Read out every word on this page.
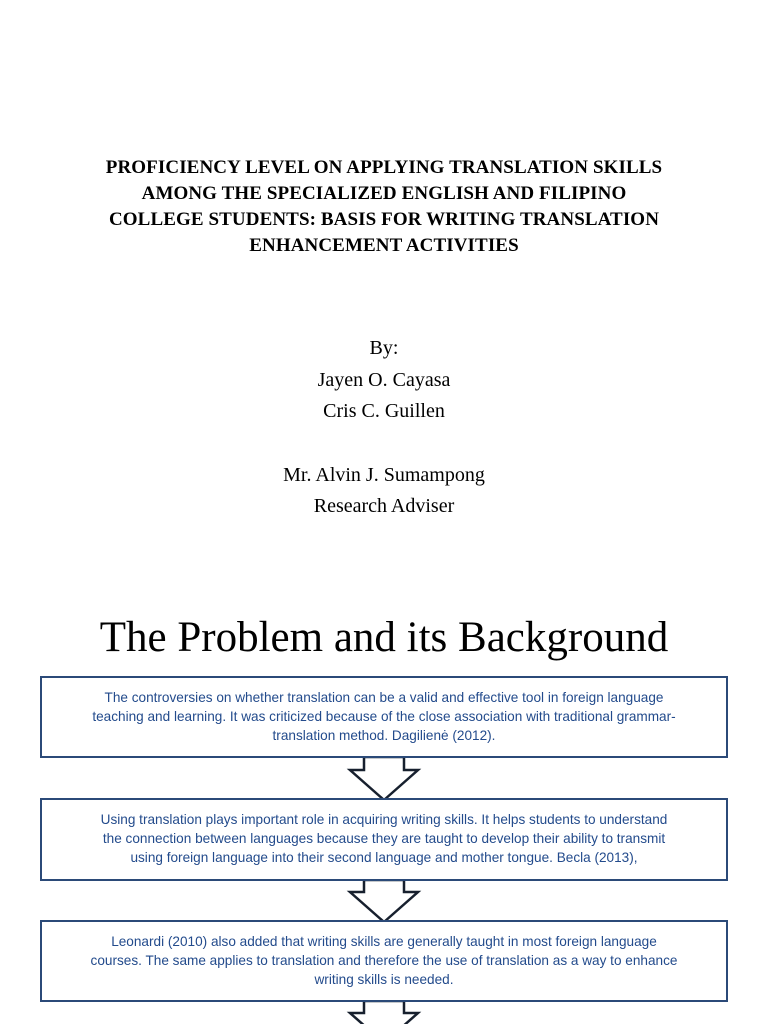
PROFICIENCY LEVEL ON APPLYING TRANSLATION SKILLS
AMONG THE SPECIALIZED ENGLISH AND FILIPINO
COLLEGE STUDENTS: BASIS FOR WRITING TRANSLATION
ENHANCEMENT ACTIVITIES
By:
Jayen O. Cayasa
Cris C. Guillen
Mr. Alvin J. Sumampong
Research Adviser
The Problem and its Background
The controversies on whether translation can be a valid and effective tool in foreign language
teaching and learning. It was criticized because of the close association with traditional grammar-
translation method. Dagilienė (2012).
Using translation plays important role in acquiring writing skills. It helps students to understand
the connection between languages because they are taught to develop their ability to transmit
using foreign language into their second language and mother tongue. Becla (2013),
Leonardi (2010) also added that writing skills are generally taught in most foreign language
courses. The same applies to translation and therefore the use of translation as a way to enhance
writing skills is needed.
